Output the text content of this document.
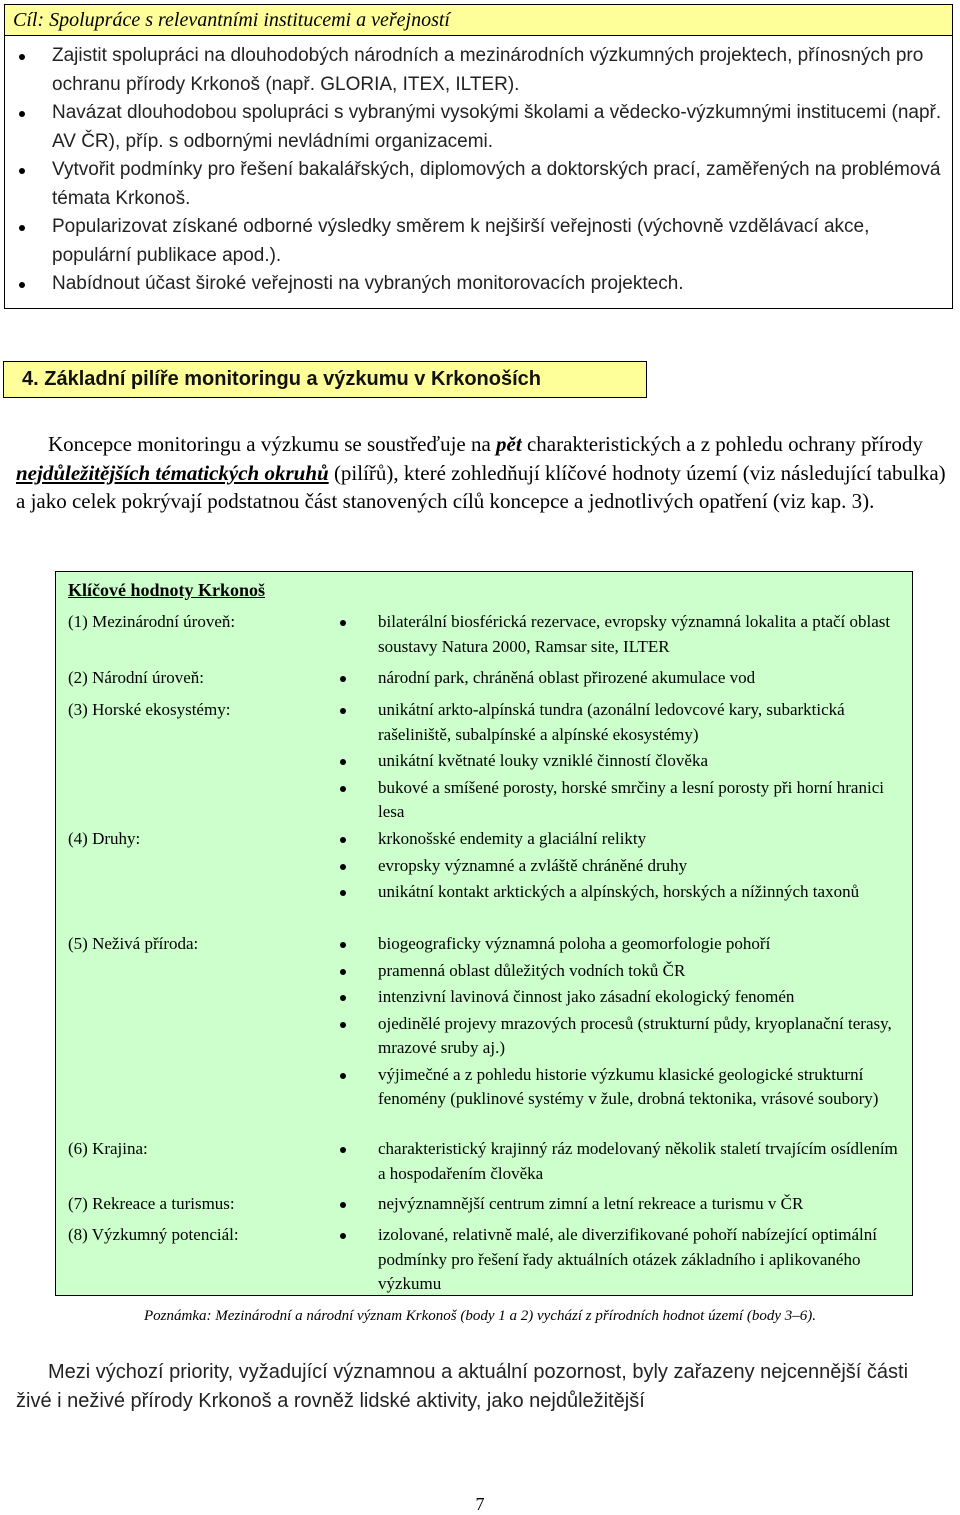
Cíl: Spolupráce s relevantními institucemi a veřejností
Zajistit spolupráci na dlouhodobých národních a mezinárodních výzkumných projektech, přínosných pro ochranu přírody Krkonoš (např. GLORIA, ITEX, ILTER).
Navázat dlouhodobou spolupráci s vybranými vysokými školami a vědecko-výzkumnými institucemi (např. AV ČR), příp. s odbornými nevládními organizacemi.
Vytvořit podmínky pro řešení bakalářských, diplomových a doktorských prací, zaměřených na problémová témata Krkonoš.
Popularizovat získané odborné výsledky směrem k nejširší veřejnosti (výchovně vzdělávací akce, populární publikace apod.).
Nabídnout účast široké veřejnosti na vybraných monitorovacích projektech.
4. Základní pilíře monitoringu a výzkumu v Krkonoších

Koncepce monitoringu a výzkumu se soustřeďuje na pět charakteristických a z pohledu ochrany přírody nejdůležitějších tématických okruhů (pilířů), které zohledňují klíčové hodnoty území (viz následující tabulka) a jako celek pokrývají podstatnou část stanovených cílů koncepce a jednotlivých opatření (viz kap. 3).

Klíčové hodnoty Krkonoš
(1) Mezinárodní úroveň:	bilaterální biosférická rezervace, evropsky významná lokalita a ptačí oblast soustavy Natura 2000, Ramsar site, ILTER
(2) Národní úroveň:	národní park, chráněná oblast přirozené akumulace vod
(3) Horské ekosystémy:	unikátní arkto-alpínská tundra (azonální ledovcové kary, subarktická rašeliniště, subalpínské a alpínské ekosystémy)
unikátní květnaté louky vzniklé činností člověka
bukové a smíšené porosty, horské smrčiny a lesní porosty při horní hranici lesa
(4) Druhy:	krkonošské endemity a glaciální relikty
evropsky významné a zvláště chráněné druhy
unikátní kontakt arktických a alpínských, horských a nížinných taxonů
(5) Neživá příroda:	biogeograficky významná poloha a geomorfologie pohoří
pramenná oblast důležitých vodních toků ČR
intenzivní lavinová činnost jako zásadní ekologický fenomén
ojedinělé projevy mrazových procesů (strukturní půdy, kryoplanační terasy, mrazové sruby aj.)
výjimečné a z pohledu historie výzkumu klasické geologické strukturní fenomény (puklinové systémy v žule, drobná tektonika, vrásové soubory)
(6) Krajina:	charakteristický krajinný ráz modelovaný několik staletí trvajícím osídlením a hospodařením člověka
(7) Rekreace a turismus:	nejvýznamnější centrum zimní a letní rekreace a turismu v ČR
(8) Výzkumný potenciál:	izolované, relativně malé, ale diverzifikované pohoří nabízející optimální podmínky pro řešení řady aktuálních otázek základního i aplikovaného výzkumu

Poznámka: Mezinárodní a národní význam Krkonoš (body 1 a 2) vychází z přírodních hodnot území (body 3–6).

Mezi výchozí priority, vyžadující významnou a aktuální pozornost, byly zařazeny nejcennější části živé i neživé přírody Krkonoš a rovněž lidské aktivity, jako nejdůležitější

7
